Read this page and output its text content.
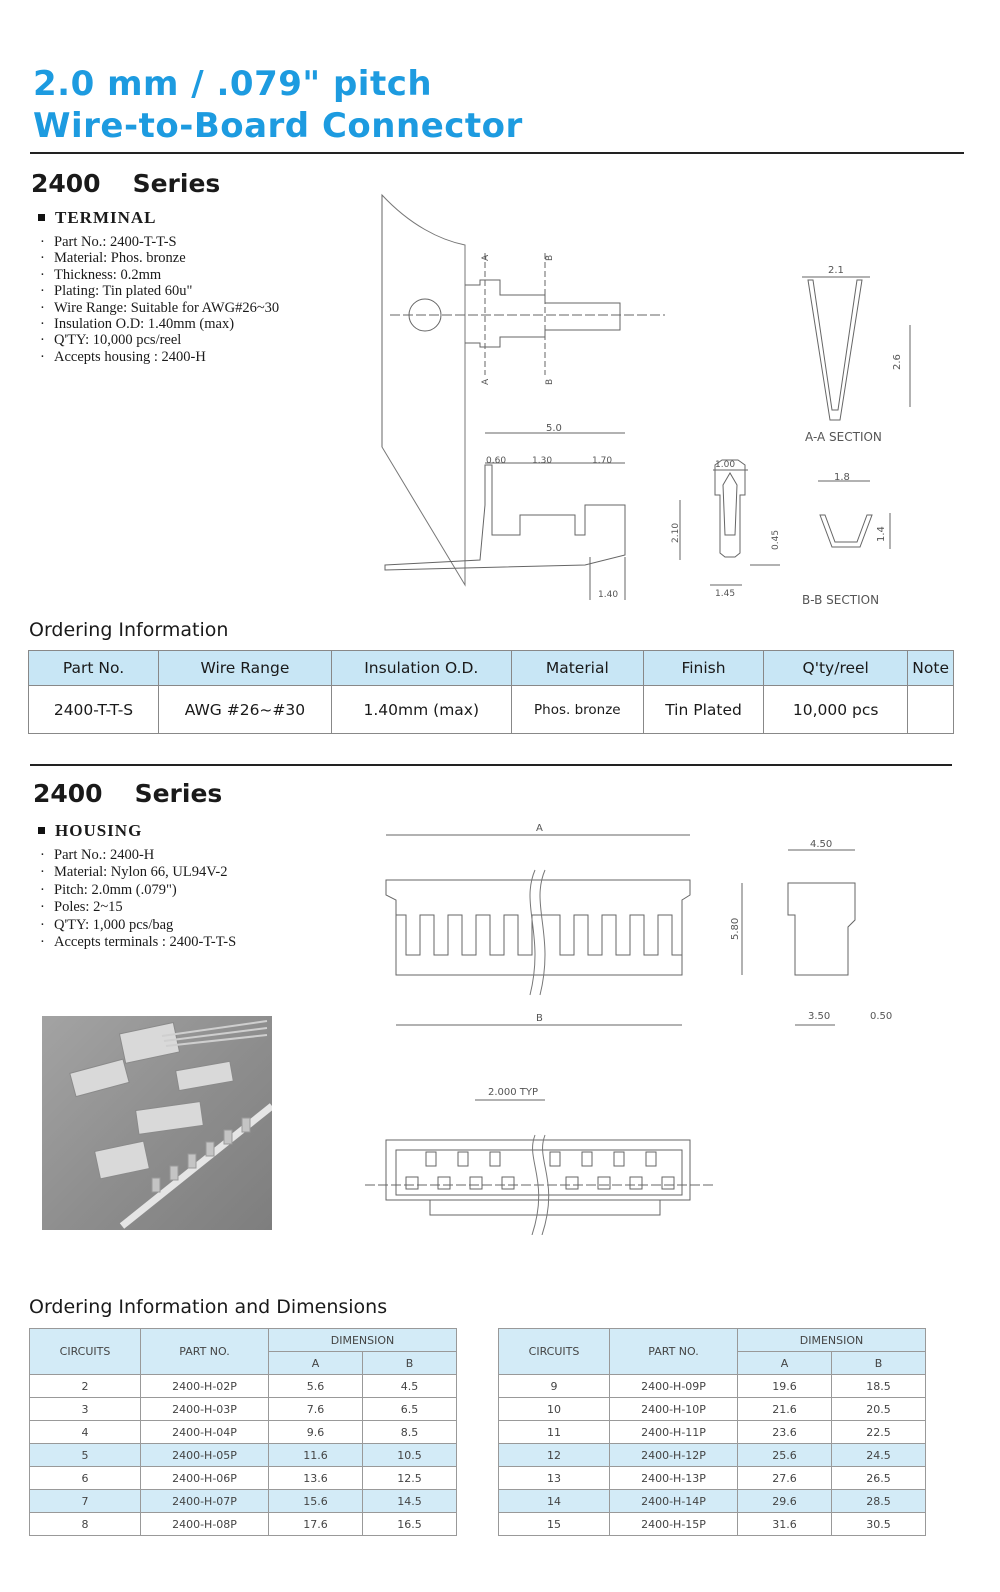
2.0 mm / .079" pitch
Wire-to-Board Connector
2400 Series
TERMINAL
· Part No.: 2400-T-T-S
· Material: Phos. bronze
· Thickness: 0.2mm
· Plating: Tin plated 60u"
· Wire Range: Suitable for AWG#26~30
· Insulation O.D: 1.40mm (max)
· Q'TY: 10,000 pcs/reel
· Accepts housing : 2400-H
A	B
A	B
5.0
0.60	1.30	1.70
1.40
2.1
2.6
A-A SECTION
1.00
2.10	0.45
1.45
1.8
1.4
B-B SECTION
Ordering Information
Part No.	Wire Range	Insulation O.D.	Material	Finish	Q'ty/reel	Note
2400-T-T-S	AWG #26~#30	1.40mm (max)	Phos. bronze	Tin Plated	10,000 pcs	
2400 Series
HOUSING
· Part No.: 2400-H
· Material: Nylon 66, UL94V-2
· Pitch: 2.0mm (.079")
· Poles: 2~15
· Q'TY: 1,000 pcs/bag
· Accepts terminals : 2400-T-T-S
A
B
4.50
5.80
3.50	0.50
2.000 TYP
Ordering Information and Dimensions
CIRCUITS	PART NO.	DIMENSION	
		A	B
2	2400-H-02P	5.6	4.5
3	2400-H-03P	7.6	6.5
4	2400-H-04P	9.6	8.5
5	2400-H-05P	11.6	10.5
6	2400-H-06P	13.6	12.5
7	2400-H-07P	15.6	14.5
8	2400-H-08P	17.6	16.5
CIRCUITS	PART NO.	DIMENSION	
		A	B
9	2400-H-09P	19.6	18.5
10	2400-H-10P	21.6	20.5
11	2400-H-11P	23.6	22.5
12	2400-H-12P	25.6	24.5
13	2400-H-13P	27.6	26.5
14	2400-H-14P	29.6	28.5
15	2400-H-15P	31.6	30.5
